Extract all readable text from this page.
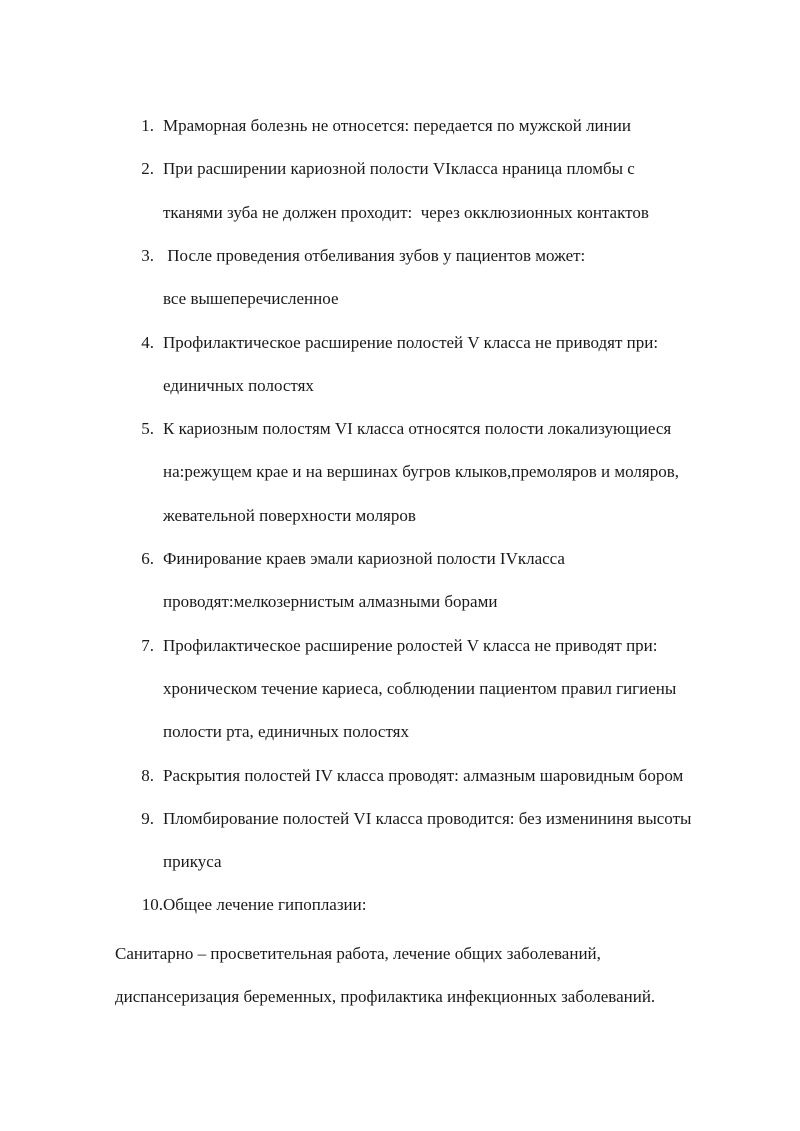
1. Мраморная болезнь не относется: передается по мужской линии
2. При расширении кариозной полости VIкласса нраница пломбы с
тканями зуба не должен проходит:  через окклюзионных контактов
3. После проведения отбеливания зубов у пациентов может:
все вышеперечисленное
4. Профилактическое расширение полостей V класса не приводят при:
единичных полостях
5. К кариозным полостям VI класса относятся полости локализующиеся
на:режущем крае и на вершинах бугров клыков,премоляров и моляров,
жевательной поверхности моляров
6. Финирование краев эмали кариозной полости IVкласса
проводят:мелкозернистым алмазными борами
7. Профилактическое расширение ролостей V класса не приводят при:
хроническом течение кариеса, соблюдении пациентом правил гигиены
полости рта, единичных полостях
8. Раскрытия полостей IV класса проводят: алмазным шаровидным бором
9. Пломбирование полостей VI класса проводится: без изменининя высоты
прикуса
10. Общее лечение гипоплазии:
Санитарно – просветительная работа, лечение общих заболеваний,
диспансеризация беременных, профилактика инфекционных заболеваний.
